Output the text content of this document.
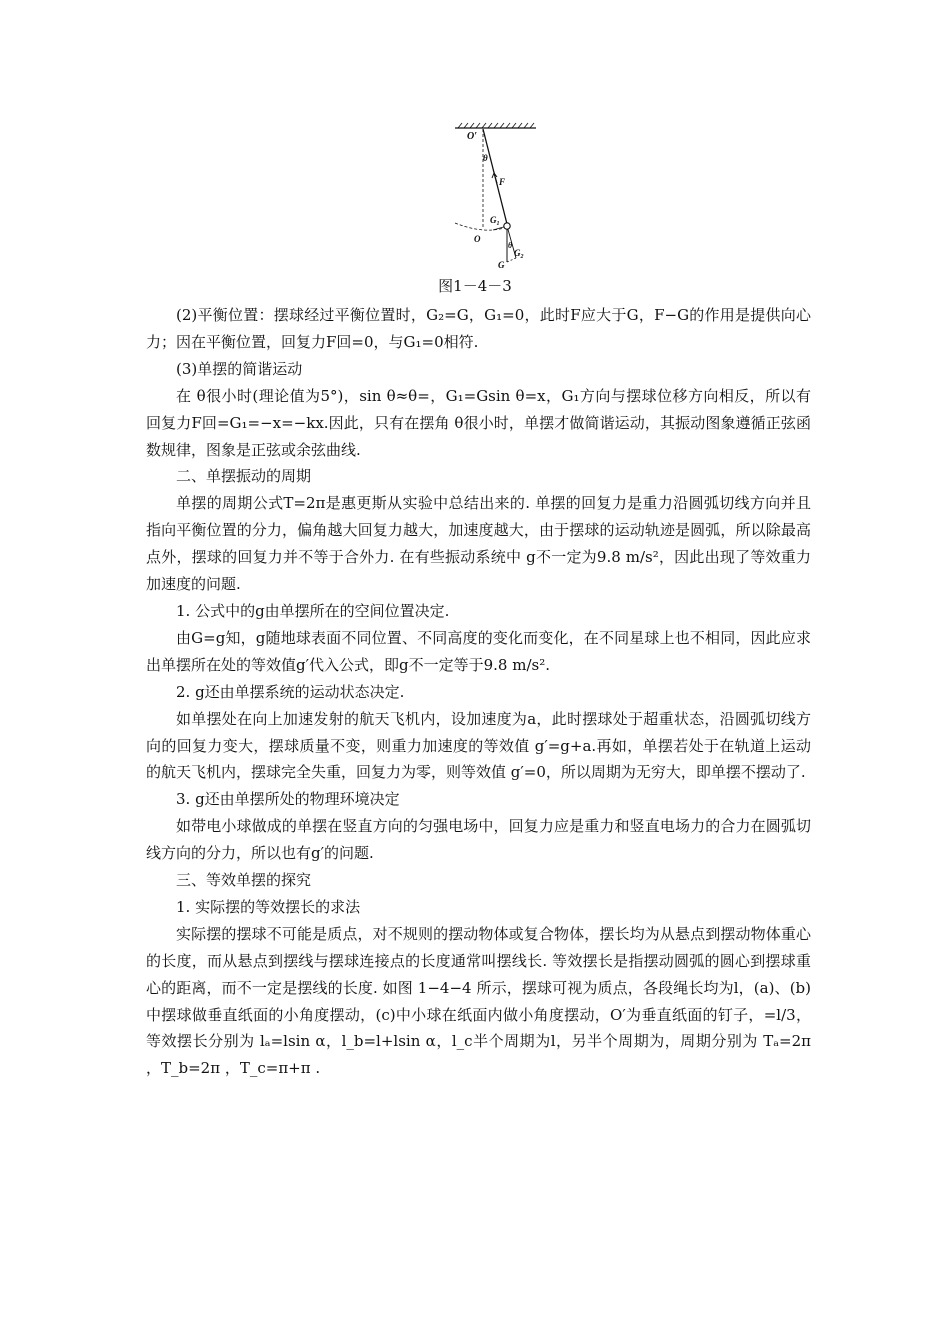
O′
θ
F
$G_1$
O
θ
G
$G_2$
图1－4－3

(2)平衡位置：摆球经过平衡位置时，G₂=G，G₁=0，此时F应大于G，F−G的作用是提供向心力；因在平衡位置，回复力F回=0，与G₁=0相符.

(3)单摆的简谐运动

在 θ很小时(理论值为5°)，sin θ≈θ=，G₁=Gsin θ=x，G₁方向与摆球位移方向相反，所以有回复力F回=G₁=−x=−kx.因此，只有在摆角 θ很小时，单摆才做简谐运动，其振动图象遵循正弦函数规律，图象是正弦或余弦曲线.

二、单摆振动的周期

单摆的周期公式T=2π是惠更斯从实验中总结出来的. 单摆的回复力是重力沿圆弧切线方向并且指向平衡位置的分力，偏角越大回复力越大，加速度越大，由于摆球的运动轨迹是圆弧，所以除最高点外，摆球的回复力并不等于合外力. 在有些振动系统中 g不一定为9.8 m/s²，因此出现了等效重力加速度的问题.

1. 公式中的g由单摆所在的空间位置决定.

由G=g知，g随地球表面不同位置、不同高度的变化而变化，在不同星球上也不相同，因此应求出单摆所在处的等效值g′代入公式，即g不一定等于9.8 m/s².

2. g还由单摆系统的运动状态决定.

如单摆处在向上加速发射的航天飞机内，设加速度为a，此时摆球处于超重状态，沿圆弧切线方向的回复力变大，摆球质量不变，则重力加速度的等效值 g′=g+a.再如，单摆若处于在轨道上运动的航天飞机内，摆球完全失重，回复力为零，则等效值 g′=0，所以周期为无穷大，即单摆不摆动了.

3. g还由单摆所处的物理环境决定

如带电小球做成的单摆在竖直方向的匀强电场中，回复力应是重力和竖直电场力的合力在圆弧切线方向的分力，所以也有g′的问题.

三、等效单摆的探究

1. 实际摆的等效摆长的求法

实际摆的摆球不可能是质点，对不规则的摆动物体或复合物体，摆长均为从悬点到摆动物体重心的长度，而从悬点到摆线与摆球连接点的长度通常叫摆线长. 等效摆长是指摆动圆弧的圆心到摆球重心的距离，而不一定是摆线的长度. 如图 1−4−4 所示，摆球可视为质点，各段绳长均为l，(a)、(b)中摆球做垂直纸面的小角度摆动，(c)中小球在纸面内做小角度摆动，O′为垂直纸面的钉子，=l/3，等效摆长分别为 lₐ=lsin α，l_b=l+lsin α，l_c半个周期为l，另半个周期为，周期分别为 Tₐ=2π ，T_b=2π ，T_c=π+π .
